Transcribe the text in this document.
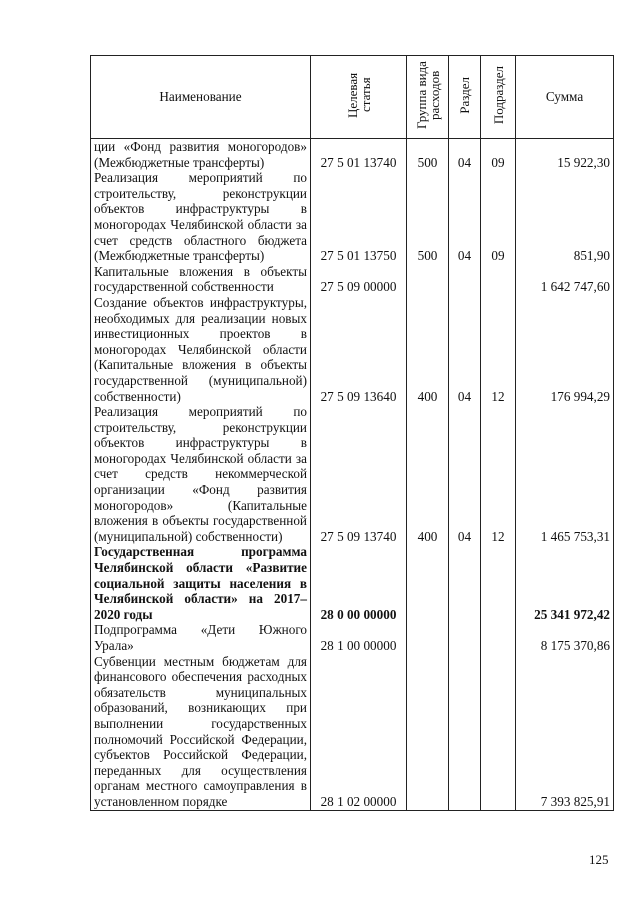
Наименование	Целевая статья	Группа вида расходов	Раздел	Подраздел	Сумма
ции «Фонд развития моногородов» (Межбюджетные трансферты)	27 5 01 13740	500	04	09	15 922,30
Реализация мероприятий по строительству, реконструкции объектов инфраструктуры в моногородах Челябинской области за счет средств областного бюджета (Межбюджетные трансферты)	27 5 01 13750	500	04	09	851,90
Капитальные вложения в объекты государственной собственности	27 5 09 00000				1 642 747,60
Создание объектов инфраструктуры, необходимых для реализации новых инвестиционных проектов в моногородах Челябинской области (Капитальные вложения в объекты государственной (муниципальной) собственности)	27 5 09 13640	400	04	12	176 994,29
Реализация мероприятий по строительству, реконструкции объектов инфраструктуры в моногородах Челябинской области за счет средств некоммерческой организации «Фонд развития моногородов» (Капитальные вложения в объекты государственной (муниципальной) собственности)	27 5 09 13740	400	04	12	1 465 753,31
Государственная программа Челябинской области «Развитие социальной защиты населения в Челябинской области» на 2017–2020 годы	28 0 00 00000				25 341 972,42
Подпрограмма «Дети Южного Урала»	28 1 00 00000				8 175 370,86
Субвенции местным бюджетам для финансового обеспечения расходных обязательств муниципальных образований, возникающих при выполнении государственных полномочий Российской Федерации, субъектов Российской Федерации, переданных для осуществления органам местного самоуправления в установленном порядке	28 1 02 00000				7 393 825,91
125
